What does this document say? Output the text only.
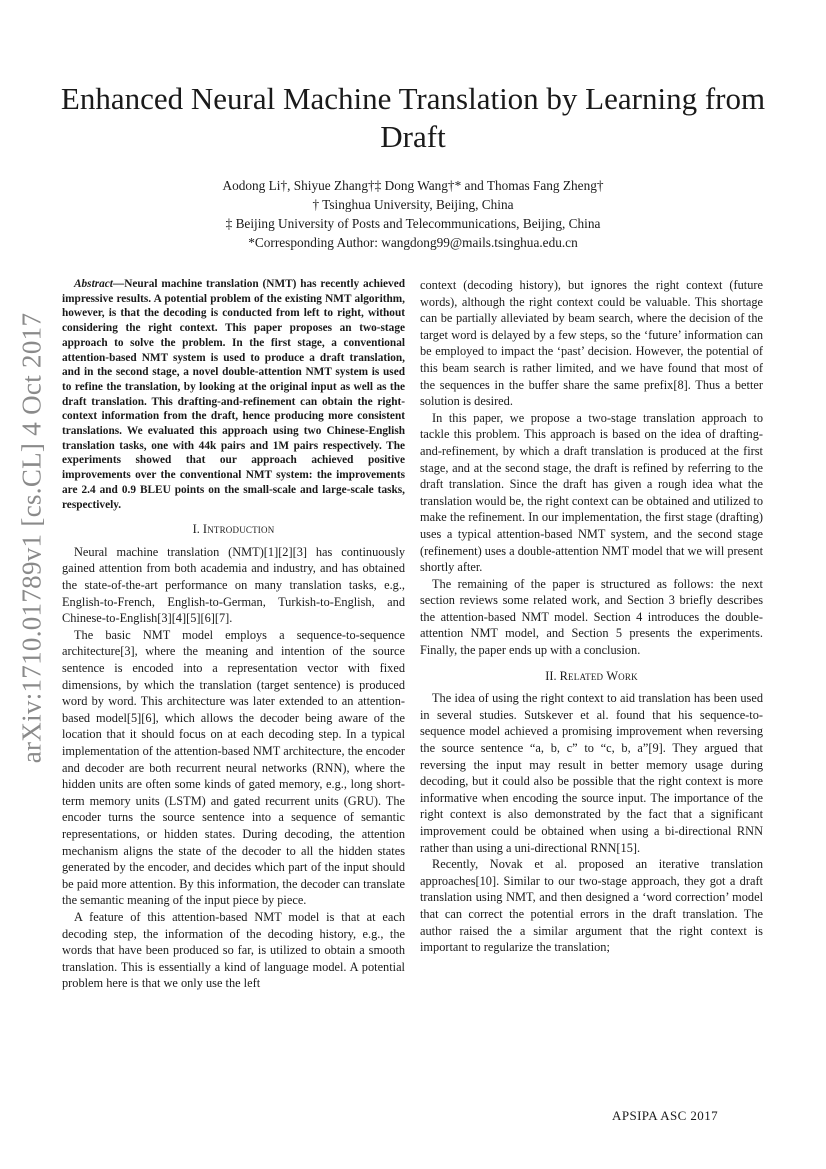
arXiv:1710.01789v1 [cs.CL] 4 Oct 2017
Enhanced Neural Machine Translation by Learning from Draft
Aodong Li†, Shiyue Zhang†‡ Dong Wang†* and Thomas Fang Zheng†
† Tsinghua University, Beijing, China
‡ Beijing University of Posts and Telecommunications, Beijing, China
*Corresponding Author: wangdong99@mails.tsinghua.edu.cn

Abstract—Neural machine translation (NMT) has recently achieved impressive results. A potential problem of the existing NMT algorithm, however, is that the decoding is conducted from left to right, without considering the right context. This paper proposes an two-stage approach to solve the problem. In the first stage, a conventional attention-based NMT system is used to produce a draft translation, and in the second stage, a novel double-attention NMT system is used to refine the translation, by looking at the original input as well as the draft translation. This drafting-and-refinement can obtain the right-context information from the draft, hence producing more consistent translations. We evaluated this approach using two Chinese-English translation tasks, one with 44k pairs and 1M pairs respectively. The experiments showed that our approach achieved positive improvements over the conventional NMT system: the improvements are 2.4 and 0.9 BLEU points on the small-scale and large-scale tasks, respectively.

I. Introduction

Neural machine translation (NMT)[1][2][3] has continuously gained attention from both academia and industry, and has obtained the state-of-the-art performance on many translation tasks, e.g., English-to-French, English-to-German, Turkish-to-English, and Chinese-to-English[3][4][5][6][7].

The basic NMT model employs a sequence-to-sequence architecture[3], where the meaning and intention of the source sentence is encoded into a representation vector with fixed dimensions, by which the translation (target sentence) is produced word by word. This architecture was later extended to an attention-based model[5][6], which allows the decoder being aware of the location that it should focus on at each decoding step. In a typical implementation of the attention-based NMT architecture, the encoder and decoder are both recurrent neural networks (RNN), where the hidden units are often some kinds of gated memory, e.g., long short-term memory units (LSTM) and gated recurrent units (GRU). The encoder turns the source sentence into a sequence of semantic representations, or hidden states. During decoding, the attention mechanism aligns the state of the decoder to all the hidden states generated by the encoder, and decides which part of the input should be paid more attention. By this information, the decoder can translate the semantic meaning of the input piece by piece.

A feature of this attention-based NMT model is that at each decoding step, the information of the decoding history, e.g., the words that have been produced so far, is utilized to obtain a smooth translation. This is essentially a kind of language model. A potential problem here is that we only use the left

context (decoding history), but ignores the right context (future words), although the right context could be valuable. This shortage can be partially alleviated by beam search, where the decision of the target word is delayed by a few steps, so the ‘future’ information can be employed to impact the ‘past’ decision. However, the potential of this beam search is rather limited, and we have found that most of the sequences in the buffer share the same prefix[8]. Thus a better solution is desired.

In this paper, we propose a two-stage translation approach to tackle this problem. This approach is based on the idea of drafting-and-refinement, by which a draft translation is produced at the first stage, and at the second stage, the draft is refined by referring to the draft translation. Since the draft has given a rough idea what the translation would be, the right context can be obtained and utilized to make the refinement. In our implementation, the first stage (drafting) uses a typical attention-based NMT system, and the second stage (refinement) uses a double-attention NMT model that we will present shortly after.

The remaining of the paper is structured as follows: the next section reviews some related work, and Section 3 briefly describes the attention-based NMT model. Section 4 introduces the double-attention NMT model, and Section 5 presents the experiments. Finally, the paper ends up with a conclusion.

II. Related Work

The idea of using the right context to aid translation has been used in several studies. Sutskever et al. found that his sequence-to-sequence model achieved a promising improvement when reversing the source sentence “a, b, c” to “c, b, a”[9]. They argued that reversing the input may result in better memory usage during decoding, but it could also be possible that the right context is more informative when encoding the source input. The importance of the right context is also demonstrated by the fact that a significant improvement could be obtained when using a bi-directional RNN rather than using a uni-directional RNN[15].

Recently, Novak et al. proposed an iterative translation approaches[10]. Similar to our two-stage approach, they got a draft translation using NMT, and then designed a ‘word correction’ model that can correct the potential errors in the draft translation. The author raised the a similar argument that the right context is important to regularize the translation;

APSIPA ASC 2017
